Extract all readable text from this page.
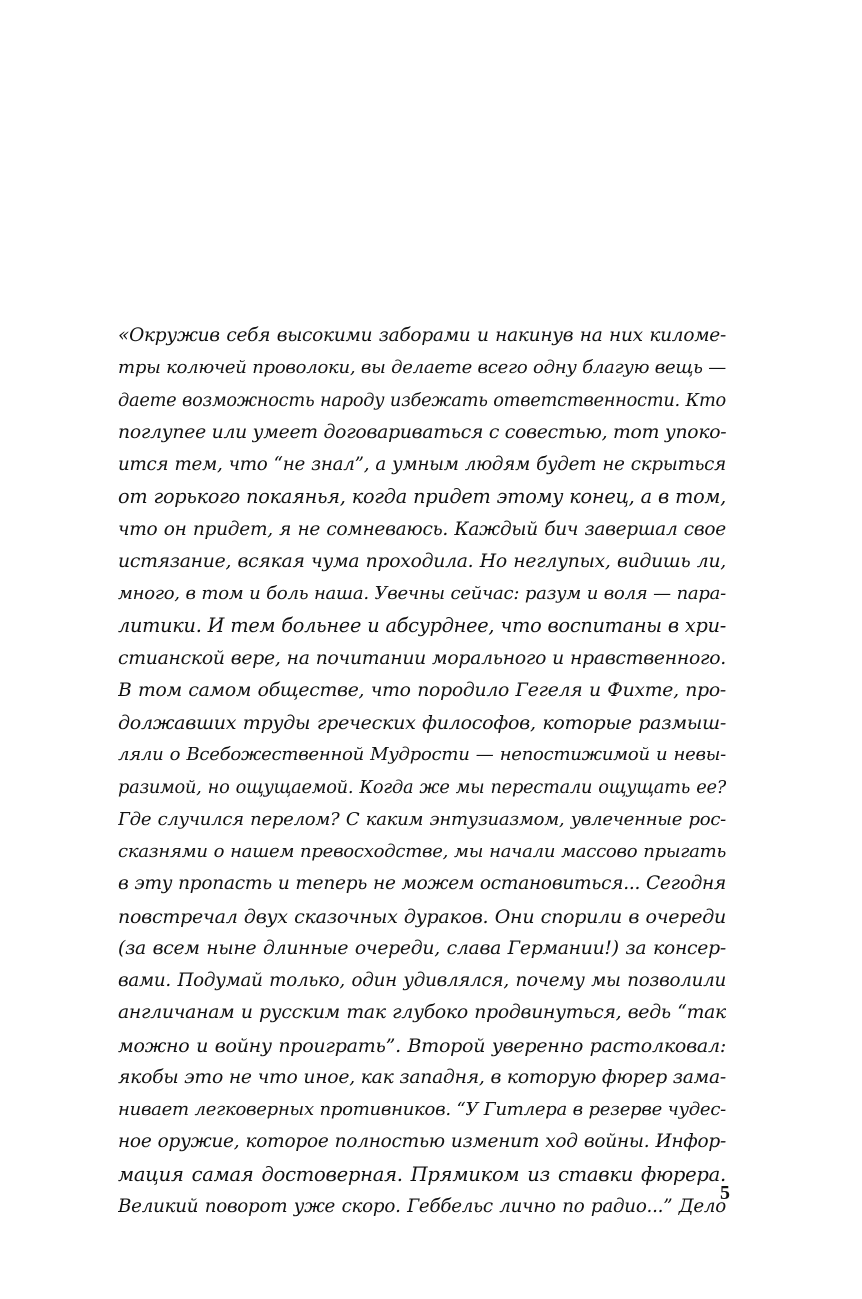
«Окружив себя высокими заборами и накинув на них киломе-
тры колючей проволоки, вы делаете всего одну благую вещь —
даете возможность народу избежать ответственности. Кто
поглупее или умеет договариваться с совестью, тот упоко-
ится тем, что “не знал”, а умным людям будет не скрыться
от горького покаянья, когда придет этому конец, а в том,
что он придет, я не сомневаюсь. Каждый бич завершал свое
истязание, всякая чума проходила. Но неглупых, видишь ли,
много, в том и боль наша. Увечны сейчас: разум и воля — пара-
литики. И тем больнее и абсурднее, что воспитаны в хри-
стианской вере, на почитании морального и нравственного.
В том самом обществе, что породило Гегеля и Фихте, про-
должавших труды греческих философов, которые размыш-
ляли о Всебожественной Мудрости — непостижимой и невы-
разимой, но ощущаемой. Когда же мы перестали ощущать ее?
Где случился перелом? С каким энтузиазмом, увлеченные рос-
сказнями о нашем превосходстве, мы начали массово прыгать
в эту пропасть и теперь не можем остановиться... Сегодня
повстречал двух сказочных дураков. Они спорили в очереди
(за всем ныне длинные очереди, слава Германии!) за консер-
вами. Подумай только, один удивлялся, почему мы позволили
англичанам и русским так глубоко продвинуться, ведь “так
можно и войну проиграть”. Второй уверенно растолковал:
якобы это не что иное, как западня, в которую фюрер зама-
нивает легковерных противников. “У Гитлера в резерве чудес-
ное оружие, которое полностью изменит ход войны. Инфор-
мация самая достоверная. Прямиком из ставки фюрера.
Великий поворот уже скоро. Геббельс лично по радио...” Дело
5
